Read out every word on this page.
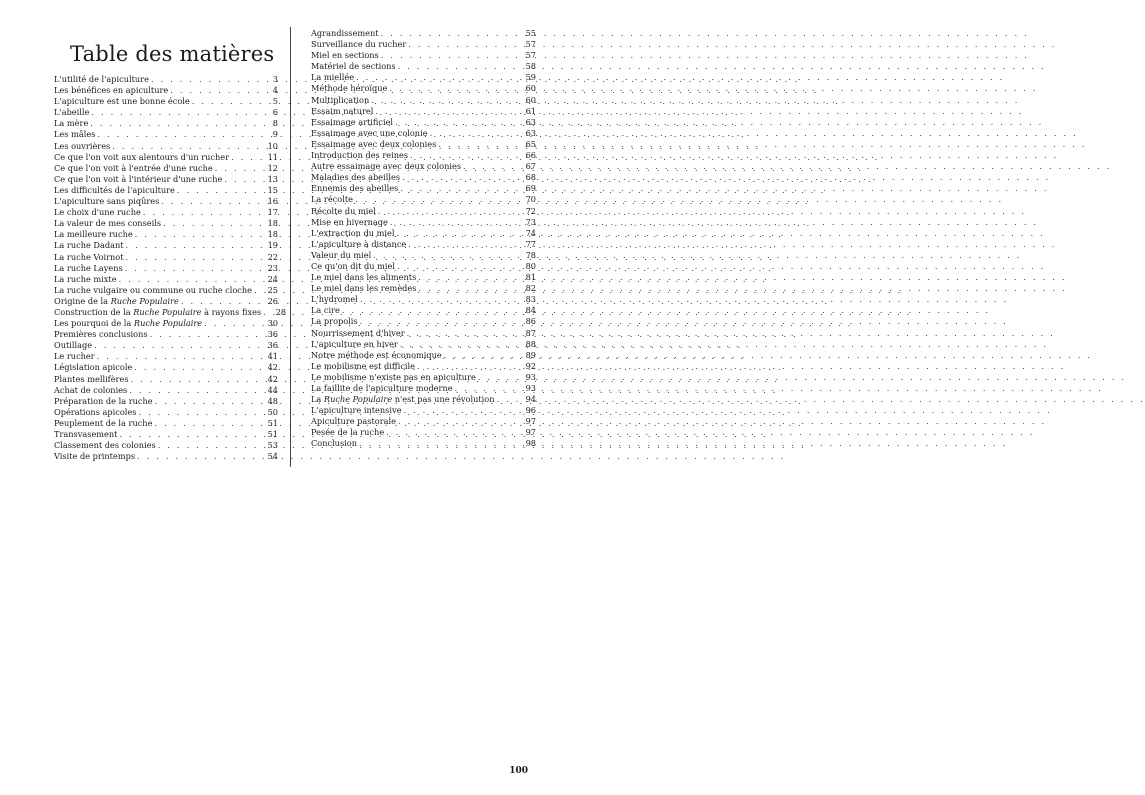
Table des matières
L'utilité de l'apiculture . . .	3
Les bénéfices en apiculture . . .	4
L'apiculture est une bonne école . . .	5
L'abeille . . .	6
La mère . . .	8
Les mâles . . .	9
Les ouvrières . . .	10
Ce que l'on voit aux alentours d'un rucher . . .	11
Ce que l'on voit à l'entrée d'une ruche . . .	12
Ce que l'on voit à l'intérieur d'une ruche . . .	13
Les difficultés de l'apiculture . . .	15
L'apiculture sans piqûres . . .	16
Le choix d'une ruche . . .	17
La valeur de mes conseils . . .	18
La meilleure ruche . . .	18
La ruche Dadant . . .	19
La ruche Voirnot . . .	22
La ruche Layens . . .	23
La ruche mixte . . .	24
La ruche vulgaire ou commune ou ruche cloche . . .	25
Origine de la Ruche Populaire . . .	26
Construction de la Ruche Populaire à rayons fixes . . .	28
Les pourquoi de la Ruche Populaire . . .	30
Premières conclusions . . .	36
Outillage . . .	36
Le rucher . . .	41
Législation apicole . . .	42
Plantes mellifères . . .	42
Achat de colonies . . .	44
Préparation de la ruche . . .	48
Opérations apicoles . . .	50
Peuplement de la ruche . . .	51
Transvasement . . .	51
Classement des colonies . . .	53
Visite de printemps . . .	54
Agrandissement . . .	55
Surveillance du rucher . . .	57
Miel en sections . . .	57
Matériel de sections . . .	58
La miellée . . .	59
Méthode héroïque . . .	60
Multiplication . . .	60
Essaim naturel . . .	61
Essaimage artificiel . . .	63
Essaimage avec une colonie . . .	63
Essaimage avec deux colonies . . .	65
Introduction des reines . . .	66
Autre essaimage avec deux colonies . . .	67
Maladies des abeilles . . .	68
Ennemis des abeilles . . .	69
La récolte . . .	70
Récolte du miel . . .	72
Mise en hivernage . . .	73
L'extraction du miel . . .	74
L'apiculture à distance . . .	77
Valeur du miel . . .	78
Ce qu'on dit du miel . . .	80
Le miel dans les aliments . . .	81
Le miel dans les remèdes . . .	82
L'hydromel . . .	83
La cire . . .	84
La propolis . . .	86
Nourrissement d'hiver . . .	87
L'apiculture en hiver . . .	88
Notre méthode est économique . . .	89
Le mobilisme est difficile . . .	92
Le mobilisme n'existe pas en apiculture . . .	93
La faillite de l'apiculture moderne . . .	93
La Ruche Populaire n'est pas une révolution . . .	94
L'apiculture intensive . . .	96
Apiculture pastorale . . .	97
Pesée de la ruche . . .	97
Conclusion . . .	98
100
